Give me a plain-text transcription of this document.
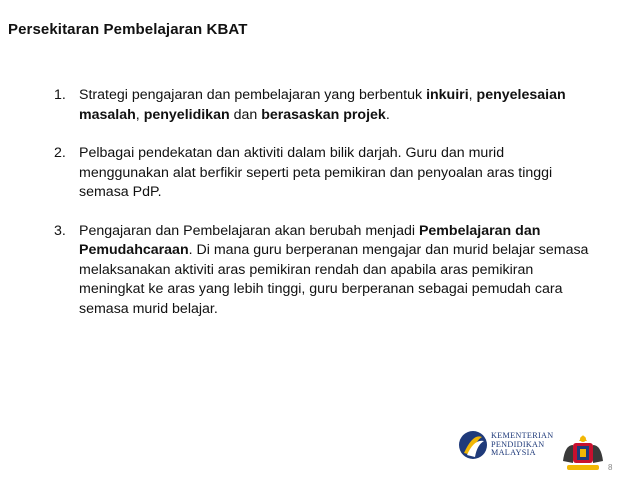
Persekitaran Pembelajaran KBAT
1. Strategi pengajaran dan pembelajaran yang berbentuk inkuiri, penyelesaian masalah, penyelidikan dan berasaskan projek.
2. Pelbagai pendekatan dan aktiviti dalam bilik darjah. Guru dan murid menggunakan alat berfikir seperti peta pemikiran dan penyoalan aras tinggi semasa PdP.
3. Pengajaran dan Pembelajaran akan berubah menjadi Pembelajaran dan Pemudahcaraan. Di mana guru berperanan mengajar dan murid belajar semasa melaksanakan aktiviti aras pemikiran rendah dan apabila aras pemikiran meningkat ke aras yang lebih tinggi, guru berperanan sebagai pemudah cara semasa murid belajar.
KEMENTERIAN
PENDIDIKAN
MALAYSIA
8
